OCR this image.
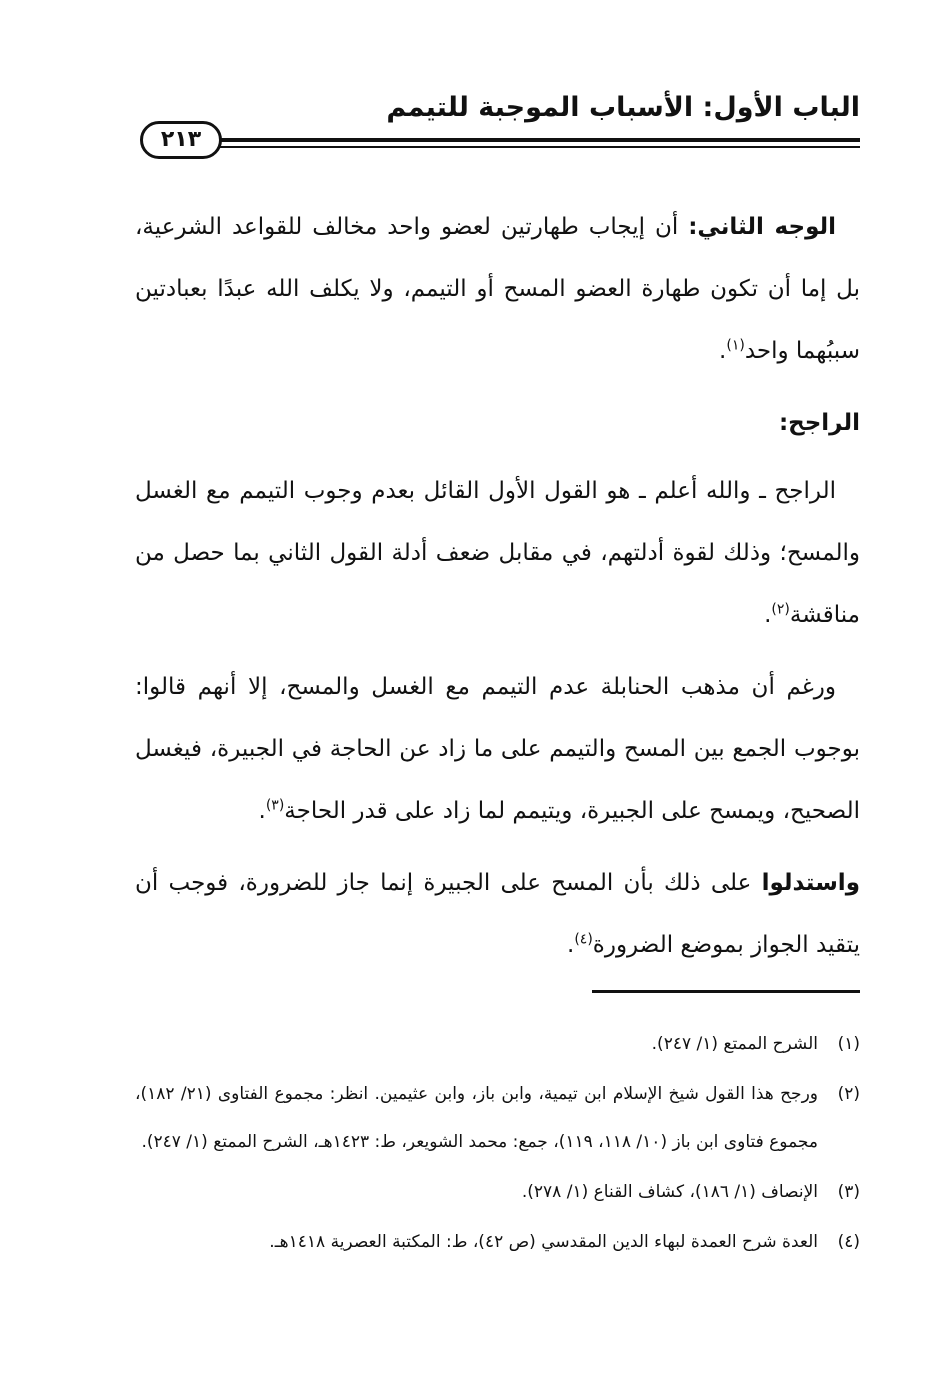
الباب الأول: الأسباب الموجبة للتيمم
٢١٣

الوجه الثاني: أن إيجاب طهارتين لعضو واحد مخالف للقواعد الشرعية، بل إما أن تكون طهارة العضو المسح أو التيمم، ولا يكلف الله عبدًا بعبادتين سببُهما واحد$^{(١)}$.

الراجح:

الراجح ـ والله أعلم ـ هو القول الأول القائل بعدم وجوب التيمم مع الغسل والمسح؛ وذلك لقوة أدلتهم، في مقابل ضعف أدلة القول الثاني بما حصل من مناقشة$^{(٢)}$.

ورغم أن مذهب الحنابلة عدم التيمم مع الغسل والمسح، إلا أنهم قالوا: بوجوب الجمع بين المسح والتيمم على ما زاد عن الحاجة في الجبيرة، فيغسل الصحيح، ويمسح على الجبيرة، ويتيمم لما زاد على قدر الحاجة$^{(٣)}$.

واستدلوا على ذلك بأن المسح على الجبيرة إنما جاز للضرورة، فوجب أن يتقيد الجواز بموضع الضرورة$^{(٤)}$.

(١)
الشرح الممتع (١/ ٢٤٧).
(٢)
ورجح هذا القول شيخ الإسلام ابن تيمية، وابن باز، وابن عثيمين. انظر: مجموع الفتاوى (٢١/ ١٨٢)، مجموع فتاوى ابن باز (١٠/ ١١٨، ١١٩)، جمع: محمد الشويعر، ط: ١٤٢٣هـ، الشرح الممتع (١/ ٢٤٧).
(٣)
الإنصاف (١/ ١٨٦)، كشاف القناع (١/ ٢٧٨).
(٤)
العدة شرح العمدة لبهاء الدين المقدسي (ص ٤٢)، ط: المكتبة العصرية ١٤١٨هـ.
